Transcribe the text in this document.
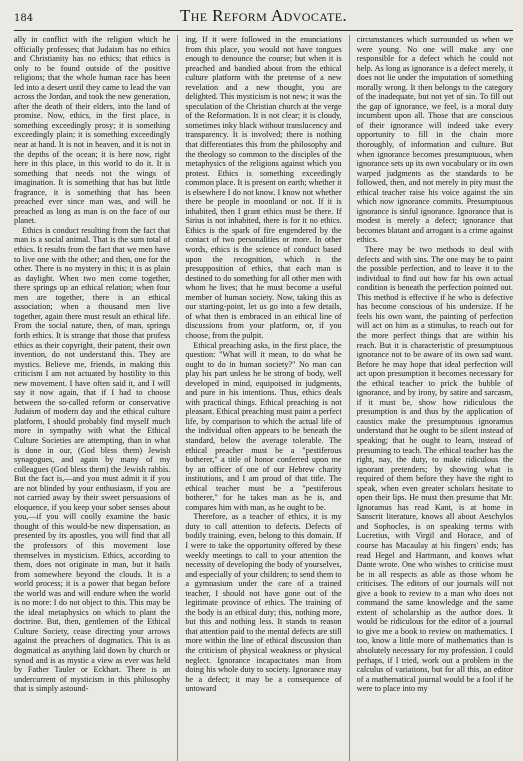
184	The Reform Advocate.

ally in conflict with the religion which he officially professes; that Judaism has no ethics and Christianity has no ethics; that ethics is only to be found outside of the positive religions; that the whole human race has been led into a desert until they came to lead the van across the Jordan, and took the new generation, after the death of their elders, into the land of promise. Now, ethics, in the first place, is something exceedingly prosy; it is something exceedingly plain; it is something exceedingly near at hand. It is not in heaven, and it is not in the depths of the ocean; it is here now, right here in this place, in this world to do it. It is something that needs not the wings of imagination. It is something that has but little fragrance, it is something that has been preached ever since man was, and will be preached as long as man is on the face of our planet.

Ethics is conduct resulting from the fact that man is a social animal. That is the sum total of ethics. It results from the fact that we men have to live one with the other; and then, one for the other. There is no mystery in this; it is as plain as daylight. When two men come together, there springs up an ethical relation; when four men are together, there is an ethical association; when a thousand men live together, again there must result an ethical life. From the social nature, then, of man, springs forth ethics. It is strange that those that profess ethics as their copyright, their patent, their own invention, do not understand this. They are mystics. Believe me, friends, in making this criticism I am not actuated by hostility to this new movement. I have often said it, and I will say it now again, that if I had to choose between the so-called reform or conservative Judaism of modern day and the ethical culture platform, I should probably find myself much more in sympathy with what the Ethical Culture Societies are attempting, than in what is done in our, (God bless them) Jewish synagogues, and again by many of my colleagues (God bless them) the Jewish rabbis. But the fact is,—and you must admit it if you are not blinded by your enthusiasm, if you are not carried away by their sweet persuasions of eloquence, if you keep your sober senses about you,—if you will coolly examine the basic thought of this would-be new dispensation, as presented by its apostles, you will find that all the professors of this movement lose themselves in mysticism. Ethics, according to them, does not originate in man, but it hails from somewhere beyond the clouds. It is a world process; it is a power that began before the world was and will endure when the world is no more: I do not object to this. This may be the ideal metaphysics on which to plant the doctrine. But, then, gentlemen of the Ethical Culture Society, cease directing your arrows against the preachers of dogmatics. This is as dogmatical as anything laid down by church or synod and is as mystic a view as ever was held by Father Tauler or Eckhart. There is an undercurrent of mysticism in this philosophy that is simply astound-

ing. If it were followed in the enunciations from this place, you would not have tongues enough to denounce the course; but when it is preached and bandied about from the ethical culture platform with the pretense of a new revelation and a new thought, you are delighted. This mysticism is not new; it was the speculation of the Christian church at the verge of the Reformation. It is not clear; it is cloudy, sometimes inky black without translucency and transparency. It is involved; there is nothing that differentiates this from the philosophy and the theology so common to the disciples of the metaphysics of the religions against which you protest. Ethics is something exceedingly common place. It is present on earth; whether it is elsewhere I do not know. I know not whether there be people in moonland or not. If it is inhabited, then I grant ethics must be there. If Sirius is not inhabited, there is for it no ethics. Ethics is the spark of fire engendered by the contact of two personalities or more. In other words, ethics is the science of conduct based upon the recognition, which is the presupposition of ethics, that each man is destined to do something for all other men with whom he lives; that he must become a useful member of human society. Now, taking this as our starting-point, let us go into a few details, of what then is embraced in an ethical line of discussions from your platform, or, if you choose, from the pulpit.

Ethical preaching asks, in the first place, the question: "What will it mean, to do what he ought to do in human society?" No man can play his part unless he be strong of body, well developed in mind, equipoised in judgments, and pure in his intentions. Thus, ethics deals with practical things. Ethical preaching is not pleasant. Ethical preaching must paint a perfect life, by comparison to which the actual life of the individual often appears to be beneath the standard, below the average tolerable. The ethical preacher must be a "pestiferous botherer," a title of honor conferred upon me by an officer of one of our Hebrew charity institutions, and I am proud of that title. The ethical teacher must be a "pestiferous botherer," for he takes man as he is, and compares him with man, as he ought to be.

Therefore, as a teacher of ethics, it is my duty to call attention to defects. Defects of bodily training, even, belong to this domain. If I were to take the opportunity offered by these weekly meetings to call to your attention the necessity of developing the body of yourselves, and especially of your children; to send them to a gymnasium under the care of a trained teacher, I should not have gone out of the legitimate province of ethics. The training of the body is an ethical duty; this, nothing more, but this and nothing less. It stands to reason that attention paid to the mental defects are still more within the line of ethical discussion than the criticism of physical weakness or physical neglect. Ignorance incapacitates man from doing his whole duty to society. Ignorance may be a defect; it may be a consequence of untoward

circumstances which surrounded us when we were young. No one will make any one responsible for a defect which he could not help. As long as ignorance is a defect merely, it does not lie under the imputation of something morally wrong. It then belongs to the category of the inadequate, but not yet of sin. To fill out the gap of ignorance, we feel, is a moral duty incumbent upon all. Those that are conscious of their ignorance will indeed take every opportunity to fill in the chain more thoroughly, of information and culture. But when ignorance becomes presumptuous, when ignorance sets up its own vocabulary or its own warped judgments as the standards to be followed, then, and not merely in pity must the ethical teacher raise his voice against the sin which now ignorance commits. Presumptuous ignorance is sinful ignorance. Ignorance that is modest is merely a defect; ignorance that becomes blatant and arrogant is a crime against ethics.

There may be two methods to deal with defects and with sins. The one may be to paint the possible perfection, and to leave it to the individual to find out how far his own actual condition is beneath the perfection pointed out. This method is effective if he who is defective has become conscious of his undersize. If he feels his own want, the painting of perfection will act on him as a stimulus, to reach out for the more perfect things that are within his reach. But it is characteristic of presumptuous ignorance not to be aware of its own sad want. Before he may hope that ideal perfection will act upon presumption it becomes necessary for the ethical teacher to prick the bubble of ignorance, and by irony, by satire and sarcasm, if it must be, show how ridiculous the presumption is and thus by the application of caustics make the presumptuous ignoramus understand that he ought to be silent instead of speaking; that he ought to learn, instead of presuming to teach. The ethical teacher has the right, nay, the duty, to make ridiculous the ignorant pretenders; by showing what is required of them before they have the right to speak, when even greater scholars hesitate to open their lips. He must then presume that Mr. Ignoramus has read Kant, is at home in Sanscrit literature, knows all about Aeschylos and Sophocles, is on speaking terms with Lucretius, with Virgil and Horace, and of course has Macaulay at his fingers' ends; has read Hegel and Hartmann, and knows what Dante wrote. One who wishes to criticise must be in all respects as able as those whom he criticises. The editors of our journals will not give a book to review to a man who does not command the same knowledge and the same extent of scholarship as the author does. It would be ridiculous for the editor of a journal to give me a book to review on mathematics. I too, know a little more of mathematics than is absolutely necessary for my profession. I could perhaps, if I tried, work out a problem in the calculus of variations, but for all this, an editor of a mathematical journal would be a fool if he were to place into my
